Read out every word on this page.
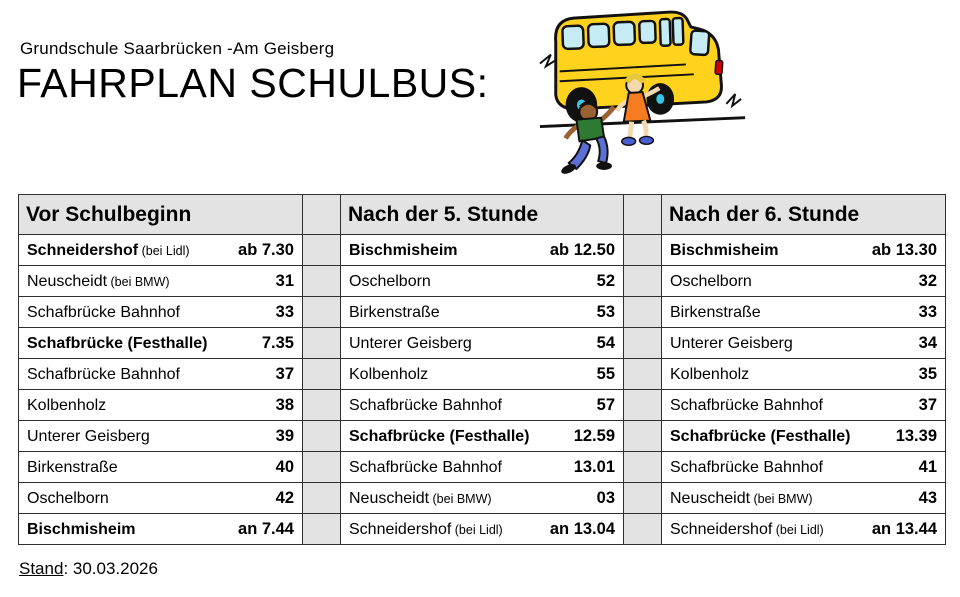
Grundschule Saarbrücken -Am Geisberg
FAHRPLAN SCHULBUS:
Vor Schulbeginn		Nach der 5. Stunde		Nach der 6. Stunde

Schneidershof (bei Lidl) ab 7.30		Bischmisheim ab 12.50		Bischmisheim ab 13.30

Neuscheidt (bei BMW) 31		Oschelborn 52		Oschelborn 32

Schafbrücke Bahnhof 33		Birkenstraße 53		Birkenstraße 33

Schafbrücke (Festhalle) 7.35		Unterer Geisberg 54		Unterer Geisberg 34

Schafbrücke Bahnhof 37		Kolbenholz 55		Kolbenholz 35

Kolbenholz 38		Schafbrücke Bahnhof 57		Schafbrücke Bahnhof 37

Unterer Geisberg 39		Schafbrücke (Festhalle) 12.59		Schafbrücke (Festhalle) 13.39

Birkenstraße 40		Schafbrücke Bahnhof 13.01		Schafbrücke Bahnhof 41

Oschelborn 42		Neuscheidt (bei BMW) 03		Neuscheidt (bei BMW) 43

Bischmisheim an 7.44		Schneidershof (bei Lidl) an 13.04		Schneidershof (bei Lidl) an 13.44
Stand: 30.03.2026
